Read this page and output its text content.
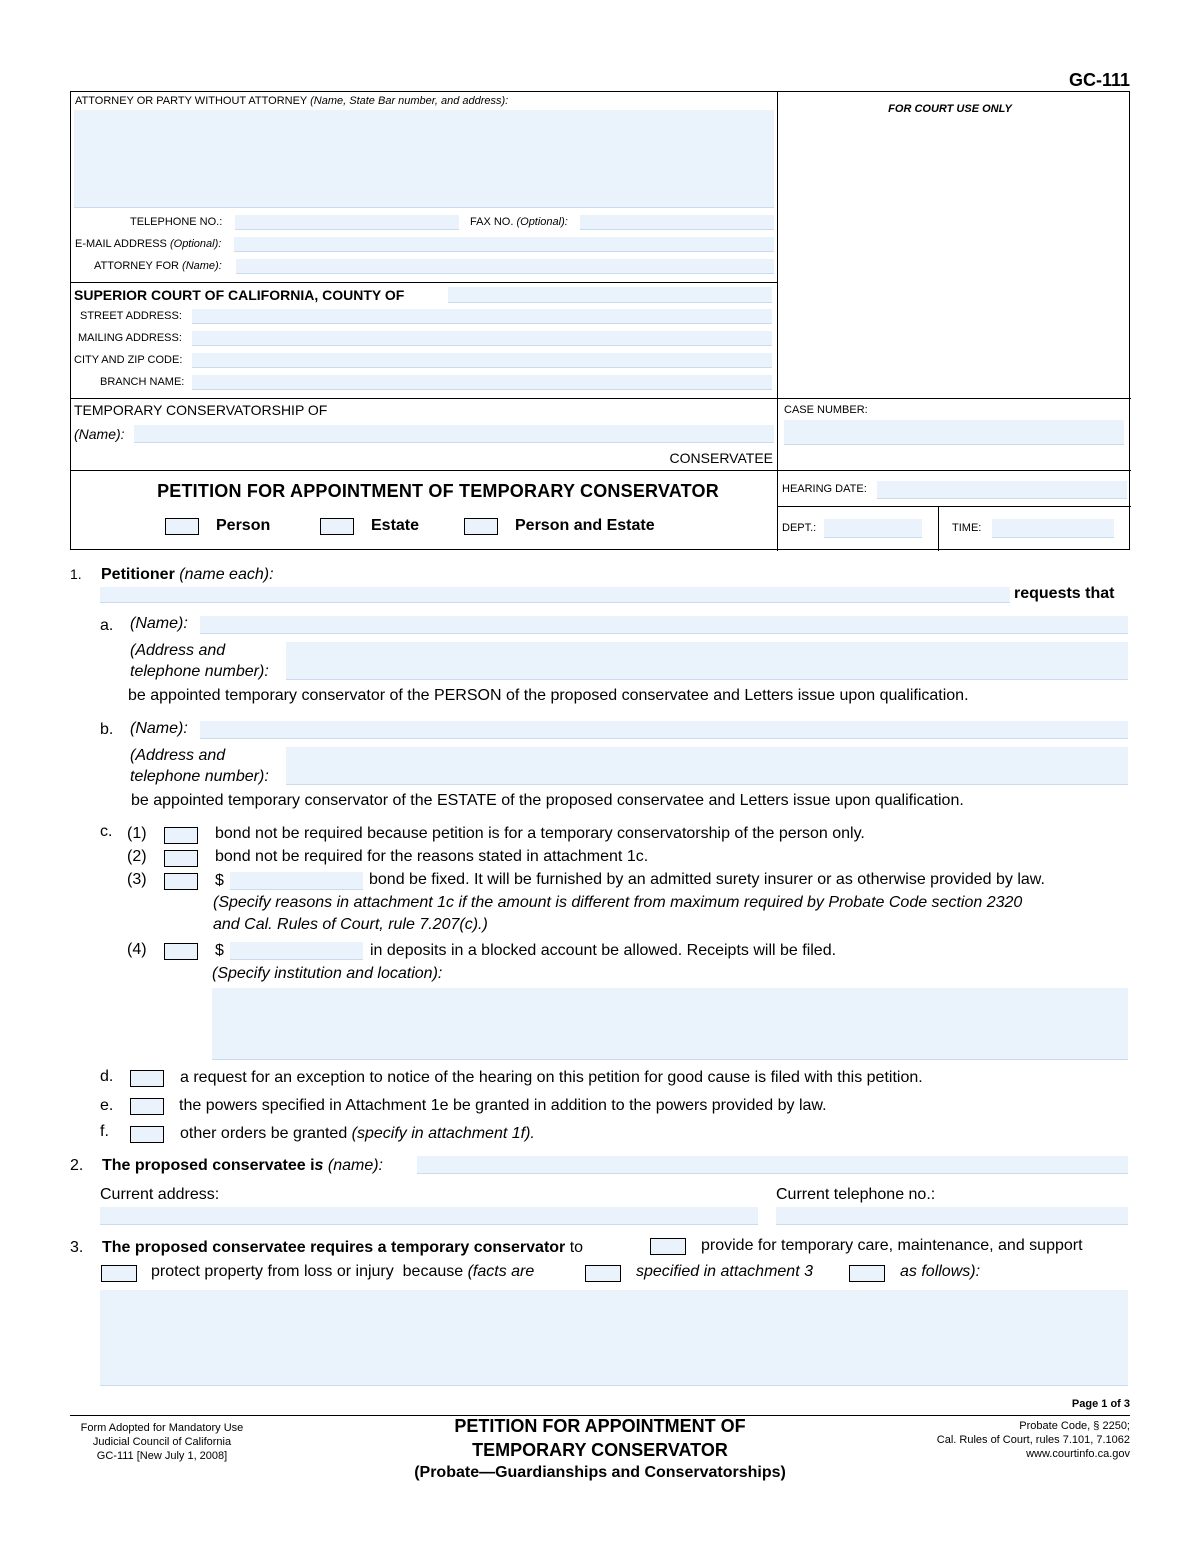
GC-111
ATTORNEY OR PARTY WITHOUT ATTORNEY (Name, State Bar number, and address):
FOR COURT USE ONLY
TELEPHONE NO.:	FAX NO. (Optional):
E-MAIL ADDRESS (Optional):
ATTORNEY FOR (Name):
SUPERIOR COURT OF CALIFORNIA, COUNTY OF
STREET ADDRESS:
MAILING ADDRESS:
CITY AND ZIP CODE:
BRANCH NAME:
TEMPORARY CONSERVATORSHIP OF
(Name):
CONSERVATEE
CASE NUMBER:
PETITION FOR APPOINTMENT OF TEMPORARY CONSERVATOR
Person	Estate	Person and Estate
HEARING DATE:
DEPT.:	TIME:
1. Petitioner (name each):
requests that
a. (Name):
(Address and
telephone number):
be appointed temporary conservator of the PERSON of the proposed conservatee and Letters issue upon qualification.
b. (Name):
(Address and
telephone number):
be appointed temporary conservator of the ESTATE of the proposed conservatee and Letters issue upon qualification.
c. (1)	bond not be required because petition is for a temporary conservatorship of the person only.
(2)	bond not be required for the reasons stated in attachment 1c.
(3)	$	bond be fixed. It will be furnished by an admitted surety insurer or as otherwise provided by law.
(Specify reasons in attachment 1c if the amount is different from maximum required by Probate Code section 2320
and Cal. Rules of Court, rule 7.207(c).)
(4)	$	in deposits in a blocked account be allowed. Receipts will be filed.
(Specify institution and location):
d.	a request for an exception to notice of the hearing on this petition for good cause is filed with this petition.
e.	the powers specified in Attachment 1e be granted in addition to the powers provided by law.
f.	other orders be granted (specify in attachment 1f).
2. The proposed conservatee is (name):
Current address:	Current telephone no.:
3. The proposed conservatee requires a temporary conservator to	provide for temporary care, maintenance, and support
protect property from loss or injury because (facts are	specified in attachment 3	as follows):
Page 1 of 3
Form Adopted for Mandatory Use
Judicial Council of California
GC-111 [New July 1, 2008]
PETITION FOR APPOINTMENT OF
TEMPORARY CONSERVATOR
(Probate—Guardianships and Conservatorships)
Probate Code, § 2250;
Cal. Rules of Court, rules 7.101, 7.1062
www.courtinfo.ca.gov
